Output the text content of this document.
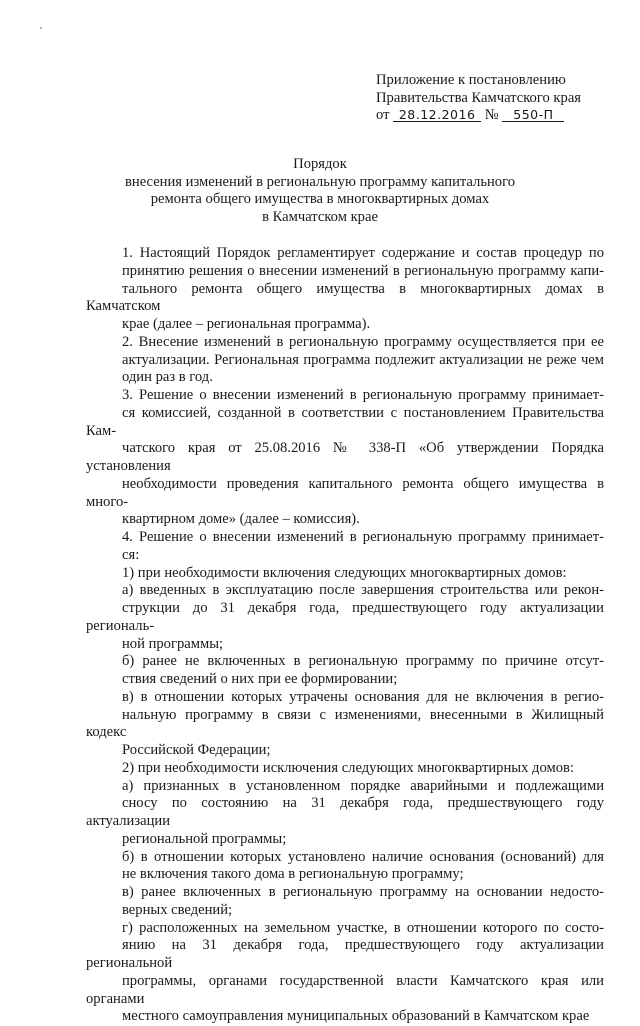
Приложение к постановлению
Правительства Камчатского края
от 28.12.2016 № 550-П
Порядок
внесения изменений в региональную программу капитального
ремонта общего имущества в многоквартирных домах
в Камчатском крае
1. Настоящий Порядок регламентирует содержание и состав процедур по
принятию решения о внесении изменений в региональную программу капи-
тального ремонта общего имущества в многоквартирных домах в Камчатском
крае (далее – региональная программа).
2. Внесение изменений в региональную программу осуществляется при ее
актуализации. Региональная программа подлежит актуализации не реже чем
один раз в год.
3. Решение о внесении изменений в региональную программу принимает-
ся комиссией, созданной в соответствии с постановлением Правительства Кам-
чатского края от 25.08.2016 № 338-П «Об утверждении Порядка установления
необходимости проведения капитального ремонта общего имущества в много-
квартирном доме» (далее – комиссия).
4. Решение о внесении изменений в региональную программу принимает-
ся:
1) при необходимости включения следующих многоквартирных домов:
а) введенных в эксплуатацию после завершения строительства или рекон-
струкции до 31 декабря года, предшествующего году актуализации региональ-
ной программы;
б) ранее не включенных в региональную программу по причине отсут-
ствия сведений о них при ее формировании;
в) в отношении которых утрачены основания для не включения в регио-
нальную программу в связи с изменениями, внесенными в Жилищный кодекс
Российской Федерации;
2) при необходимости исключения следующих многоквартирных домов:
а) признанных в установленном порядке аварийными и подлежащими
сносу по состоянию на 31 декабря года, предшествующего году актуализации
региональной программы;
б) в отношении которых установлено наличие основания (оснований) для
не включения такого дома в региональную программу;
в) ранее включенных в региональную программу на основании недосто-
верных сведений;
г) расположенных на земельном участке, в отношении которого по состо-
янию на 31 декабря года, предшествующего году актуализации региональной
программы, органами государственной власти Камчатского края или органами
местного самоуправления муниципальных образований в Камчатском крае
